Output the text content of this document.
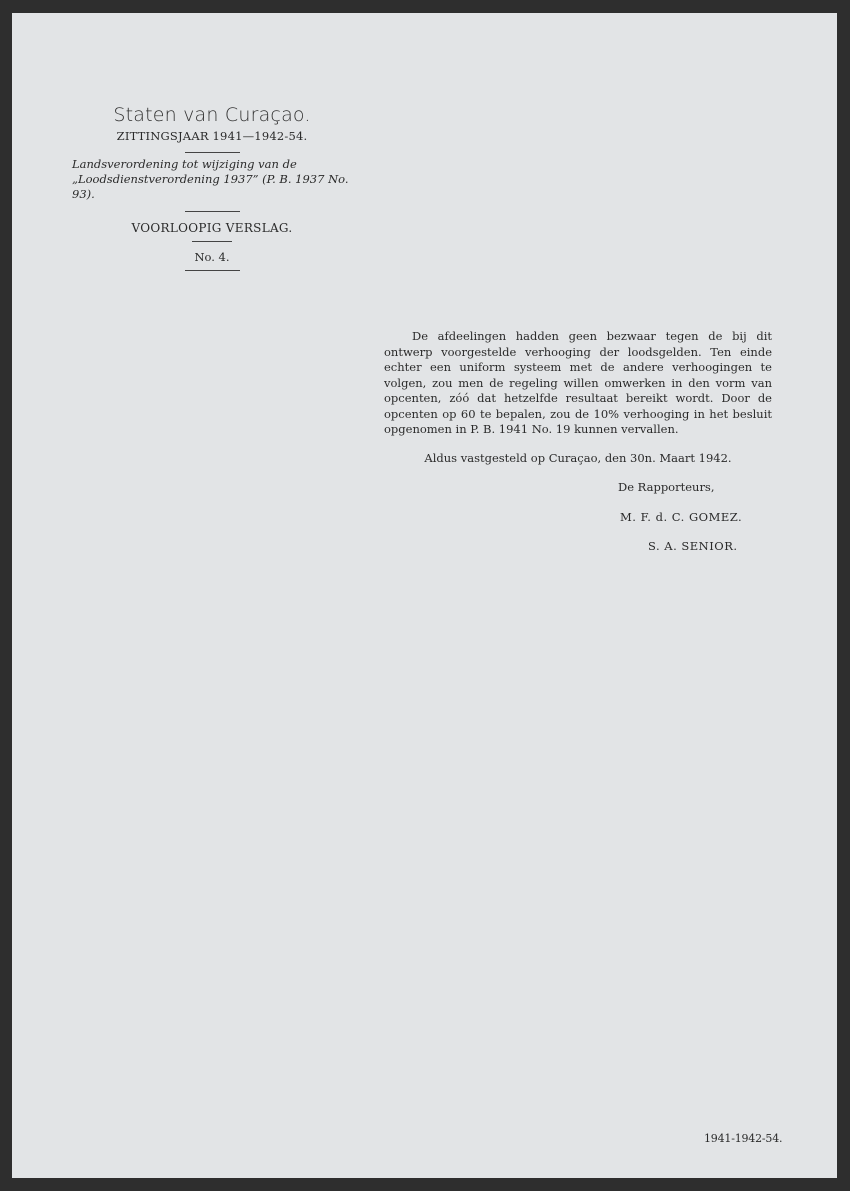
Staten van Curaçao.
ZITTINGSJAAR 1941—1942-54.
Landsverordening tot wijziging van de „Loodsdienstverordening 1937” (P. B. 1937 No. 93).
VOORLOOPIG VERSLAG.
No. 4.

De afdeelingen hadden geen bezwaar tegen de bij dit ontwerp voorgestelde verhooging der loodsgelden. Ten einde echter een uniform systeem met de andere verhoogingen te volgen, zou men de regeling willen omwerken in den vorm van opcenten, zóó dat hetzelfde resultaat bereikt wordt. Door de opcenten op 60 te bepalen, zou de 10% verhooging in het besluit opgenomen in P. B. 1941 No. 19 kunnen vervallen.

Aldus vastgesteld op Curaçao, den 30n. Maart 1942.
De Rapporteurs,
M. F. d. C. GOMEZ.
S. A. SENIOR.
1941-1942-54.
